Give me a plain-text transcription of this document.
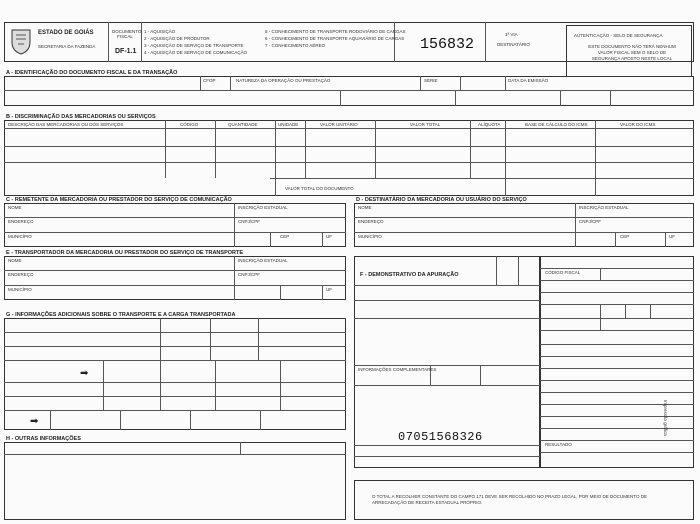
ESTADO DE GOIÁS
SECRETARIA DA FAZENDA
DOCUMENTO FISCAL
DF-1.1
1 - AQUISIÇÃO
2 - AQUISIÇÃO DE PRODUTOR
3 - AQUISIÇÃO DE SERVIÇO DE TRANSPORTE
4 - AQUISIÇÃO DE SERVIÇO DE COMUNICAÇÃO
5 - CONHECIMENTO DE TRANSPORTE RODOVIÁRIO DE CARGAS
6 - CONHECIMENTO DE TRANSPORTE AQUAVIÁRIO DE CARGAS
7 - CONHECIMENTO AÉREO	156832
1ª VIA
DESTINATÁRIO
AUTENTICAÇÃO - SELO DE SEGURANÇA
ESTE DOCUMENTO NÃO TERÁ NENHUM VALOR FISCAL SEM O SELO DE SEGURANÇA APOSTO NESTE LOCAL
A - IDENTIFICAÇÃO DO DOCUMENTO FISCAL E DA TRANSAÇÃO
NATUREZA DA OPERAÇÃO OU PRESTAÇÃO
CFOP	SÉRIE	DATA DA EMISSÃO
B - DISCRIMINAÇÃO DAS MERCADORIAS OU SERVIÇOS
DESCRIÇÃO DAS MERCADORIAS OU DOS SERVIÇOS	CÓDIGO	QUANTIDADE	UNIDADE	VALOR UNITÁRIO	VALOR TOTAL	ALÍQUOTA	BASE DE CÁLCULO DO ICMS	VALOR DO ICMS
VALOR TOTAL DO DOCUMENTO
C - REMETENTE DA MERCADORIA OU PRESTADOR DO SERVIÇO DE COMUNICAÇÃO
NOME
ENDEREÇO
MUNICÍPIO
INSCRIÇÃO ESTADUAL
CNPJ/CPF
CEP	UF
D - DESTINATÁRIO DA MERCADORIA OU USUÁRIO DO SERVIÇO
NOME
ENDEREÇO
MUNICÍPIO
INSCRIÇÃO ESTADUAL
CNPJ/CPF
CEP	UF
E - TRANSPORTADOR DA MERCADORIA OU PRESTADOR DO SERVIÇO DE TRANSPORTE
NOME
ENDEREÇO
MUNICÍPIO
INSCRIÇÃO ESTADUAL
CNPJ/CPF
UF
F - DEMONSTRATIVO DA APURAÇÃO
INFORMAÇÕES COMPLEMENTARES
07051568326
CÓDIGO FISCAL
RESULTADO
G - INFORMAÇÕES ADICIONAIS SOBRE O TRANSPORTE E A CARGA TRANSPORTADA
➡
➡
H - OUTRAS INFORMAÇÕES
O TOTAL A RECOLHER CONSTANTE DO CAMPO 171 DEVE SER RECOLHIDO NO PRAZO LEGAL, POR MEIO DE DOCUMENTO DE ARRECADAÇÃO DE RECEITA ESTADUAL PRÓPRIO.
Impressão gráfica
